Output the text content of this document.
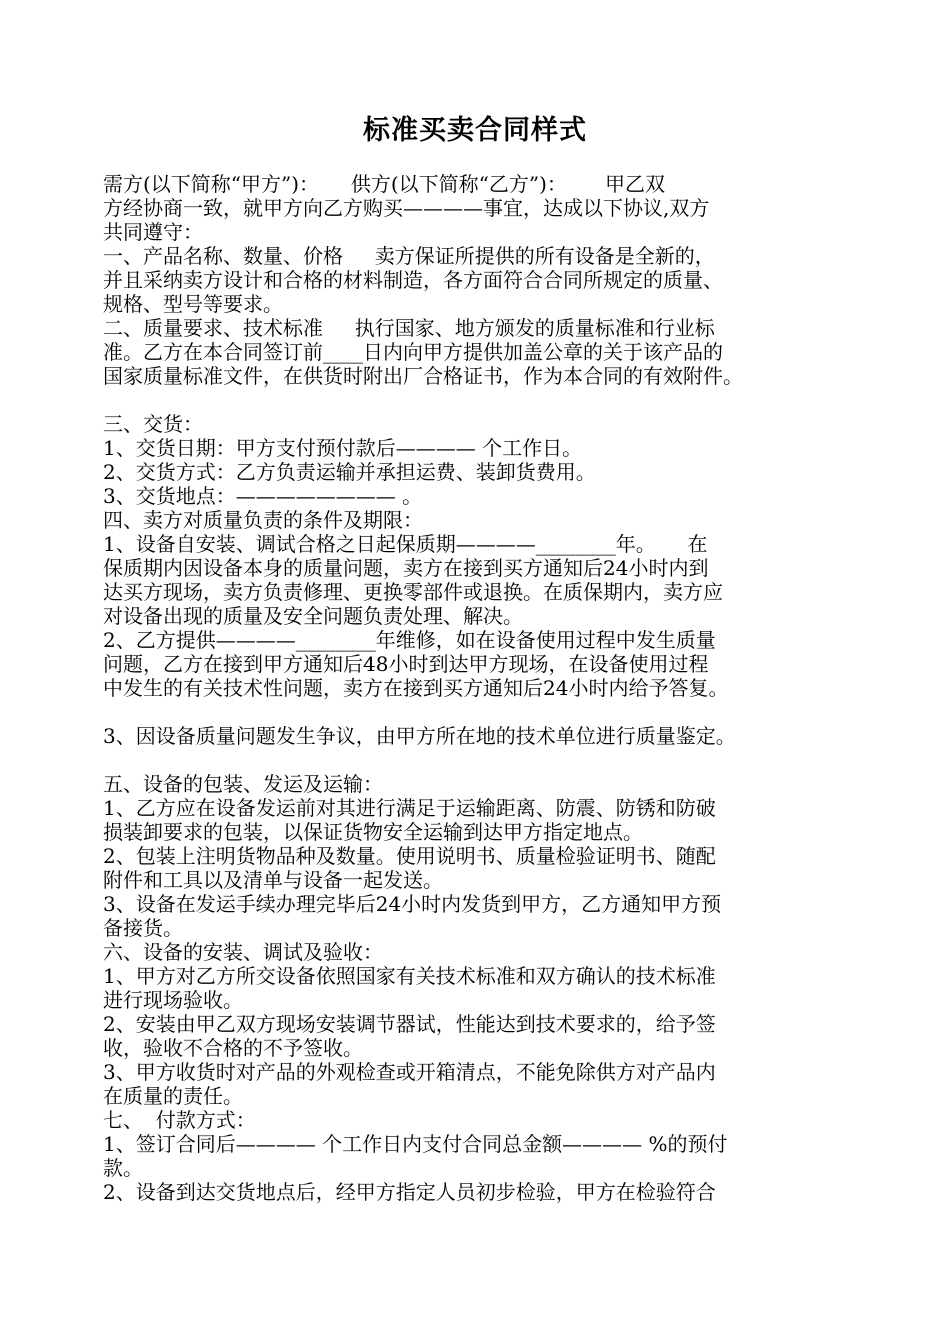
标准买卖合同样式
需方(以下简称“甲方”)：     供方(以下简称“乙方”)：      甲乙双
方经协商一致，就甲方向乙方购买————事宜，达成以下协议,双方
共同遵守：
一、产品名称、数量、价格     卖方保证所提供的所有设备是全新的，
并且采纳卖方设计和合格的材料制造，各方面符合合同所规定的质量、
规格、型号等要求。
二、质量要求、技术标准     执行国家、地方颁发的质量标准和行业标
准。乙方在本合同签订前____日内向甲方提供加盖公章的关于该产品的
国家质量标准文件，在供货时附出厂合格证书，作为本合同的有效附件。
三、交货：
1、交货日期：甲方支付预付款后———— 个工作日。
2、交货方式：乙方负责运输并承担运费、装卸货费用。
3、交货地点：———————— 。
四、卖方对质量负责的条件及期限：
1、设备自安装、调试合格之日起保质期————________年。     在
保质期内因设备本身的质量问题，卖方在接到买方通知后24小时内到
达买方现场，卖方负责修理、更换零部件或退换。在质保期内，卖方应
对设备出现的质量及安全问题负责处理、解决。
2、乙方提供————________年维修，如在设备使用过程中发生质量
问题，乙方在接到甲方通知后48小时到达甲方现场，在设备使用过程
中发生的有关技术性问题，卖方在接到买方通知后24小时内给予答复。
3、因设备质量问题发生争议，由甲方所在地的技术单位进行质量鉴定。
五、设备的包装、发运及运输：
1、乙方应在设备发运前对其进行满足于运输距离、防震、防锈和防破
损装卸要求的包装，以保证货物安全运输到达甲方指定地点。
2、包装上注明货物品种及数量。使用说明书、质量检验证明书、随配
附件和工具以及清单与设备一起发送。
3、设备在发运手续办理完毕后24小时内发货到甲方，乙方通知甲方预
备接货。
六、设备的安装、调试及验收：
1、甲方对乙方所交设备依照国家有关技术标准和双方确认的技术标准
进行现场验收。
2、安装由甲乙双方现场安装调节器试，性能达到技术要求的，给予签
收，验收不合格的不予签收。
3、甲方收货时对产品的外观检查或开箱清点，不能免除供方对产品内
在质量的责任。
七、  付款方式：
1、签订合同后———— 个工作日内支付合同总金额———— %的预付
款。
2、设备到达交货地点后，经甲方指定人员初步检验，甲方在检验符合
